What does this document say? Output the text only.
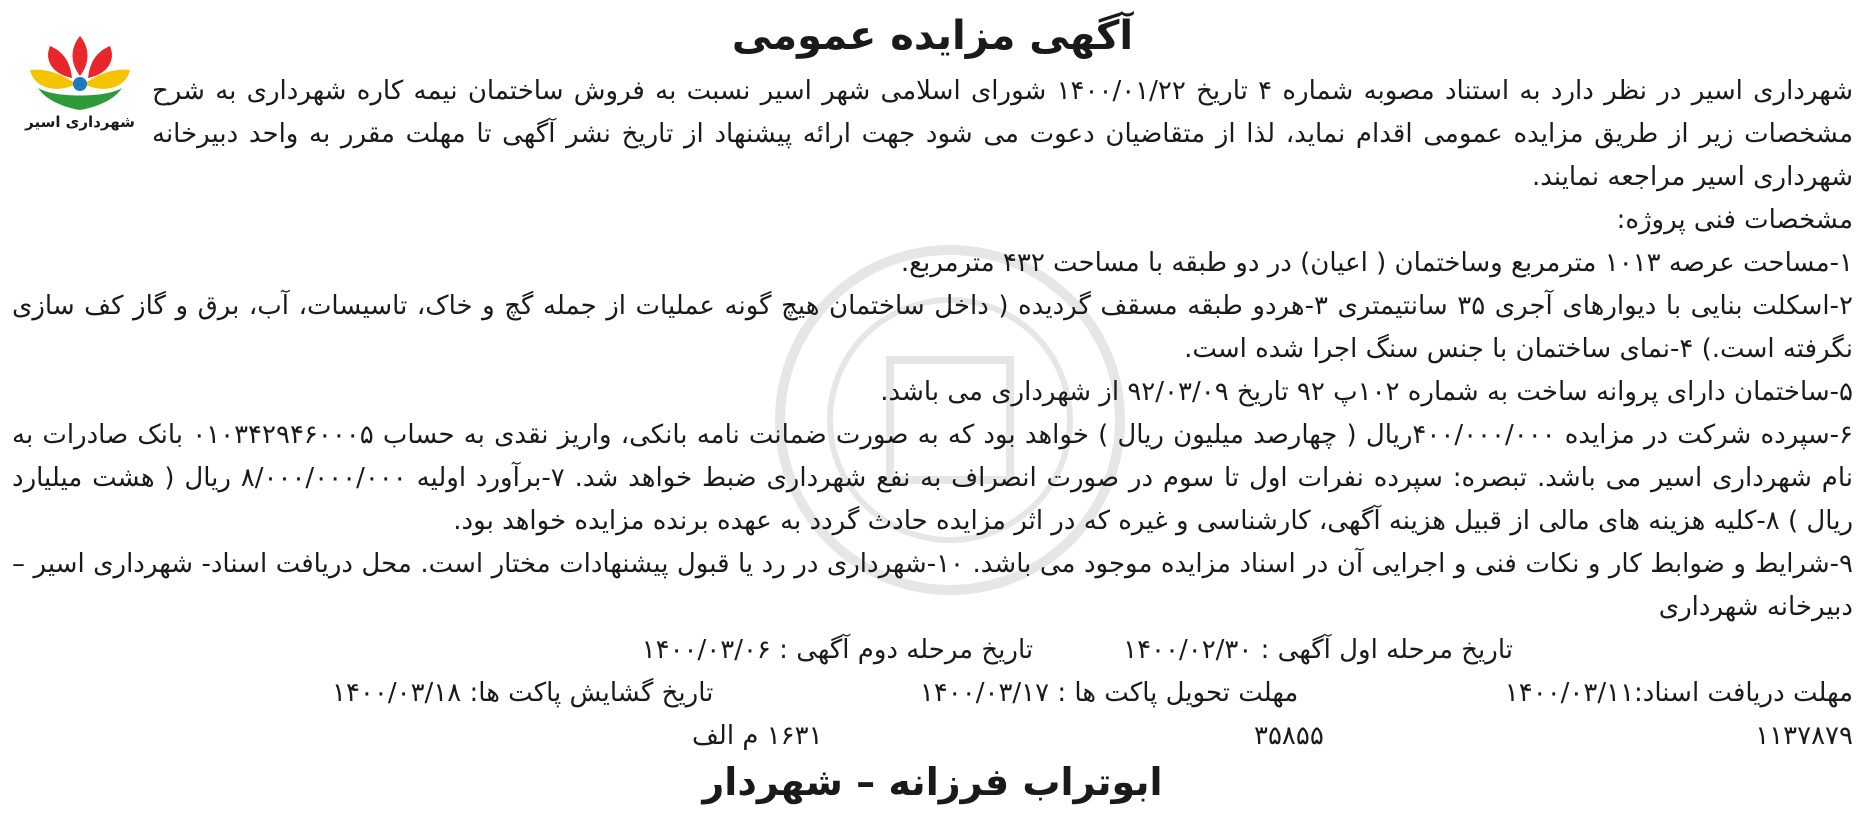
شهرداری اسیر
آگهی مزایده عمومی

شهرداری اسیر در نظر دارد به استناد مصوبه شماره ۴ تاریخ ۱۴۰۰/۰۱/۲۲ شورای اسلامی شهر اسیر نسبت به فروش ساختمان نیمه کاره شهرداری به شرح مشخصات زیر از طریق مزایده عمومی اقدام نماید، لذا از متقاضیان دعوت می شود جهت ارائه پیشنهاد از تاریخ نشر آگهی تا مهلت مقرر به واحد دبیرخانه شهرداری اسیر مراجعه نمایند.

مشخصات فنی پروژه:

۱-مساحت عرصه ۱۰۱۳ مترمربع وساختمان ( اعیان) در دو طبقه با مساحت ۴۳۲ مترمربع.

۲-اسکلت بنایی با دیوارهای آجری ۳۵ سانتیمتری ۳-هردو طبقه مسقف گردیده ( داخل ساختمان هیچ گونه عملیات از جمله گچ و خاک، تاسیسات، آب، برق و گاز کف سازی نگرفته است.) ۴-نمای ساختمان با جنس سنگ اجرا شده است.

۵-ساختمان دارای پروانه ساخت به شماره ۱۰۲پ ۹۲ تاریخ ۹۲/۰۳/۰۹ از شهرداری می باشد.

۶-سپرده شرکت در مزایده ۴۰۰/۰۰۰/۰۰۰ریال ( چهارصد میلیون ریال ) خواهد بود که به صورت ضمانت نامه بانکی، واریز نقدی به حساب ۰۱۰۳۴۲۹۴۶۰۰۰۵ بانک صادرات به نام شهرداری اسیر می باشد. تبصره: سپرده نفرات اول تا سوم در صورت انصراف به نفع شهرداری ضبط خواهد شد. ۷-برآورد اولیه ۸/۰۰۰/۰۰۰/۰۰۰ ریال ( هشت میلیارد ریال ) ۸-کلیه هزینه های مالی از قبیل هزینه آگهی، کارشناسی و غیره که در اثر مزایده حادث گردد به عهده برنده مزایده خواهد بود.

۹-شرایط و ضوابط کار و نکات فنی و اجرایی آن در اسناد مزایده موجود می باشد. ۱۰-شهرداری در رد یا قبول پیشنهادات مختار است. محل دریافت اسناد- شهرداری اسیر – دبیرخانه شهرداری

تاریخ مرحله اول آگهی : ۱۴۰۰/۰۲/۳۰
تاریخ مرحله دوم آگهی : ۱۴۰۰/۰۳/۰۶
مهلت دریافت اسناد:۱۴۰۰/۰۳/۱۱
مهلت تحویل پاکت ها : ۱۴۰۰/۰۳/۱۷
تاریخ گشایش پاکت ها: ۱۴۰۰/۰۳/۱۸
۱۱۳۷۸۷۹
۳۵۸۵۵
۱۶۳۱ م الف
ابوتراب فرزانه – شهردار
